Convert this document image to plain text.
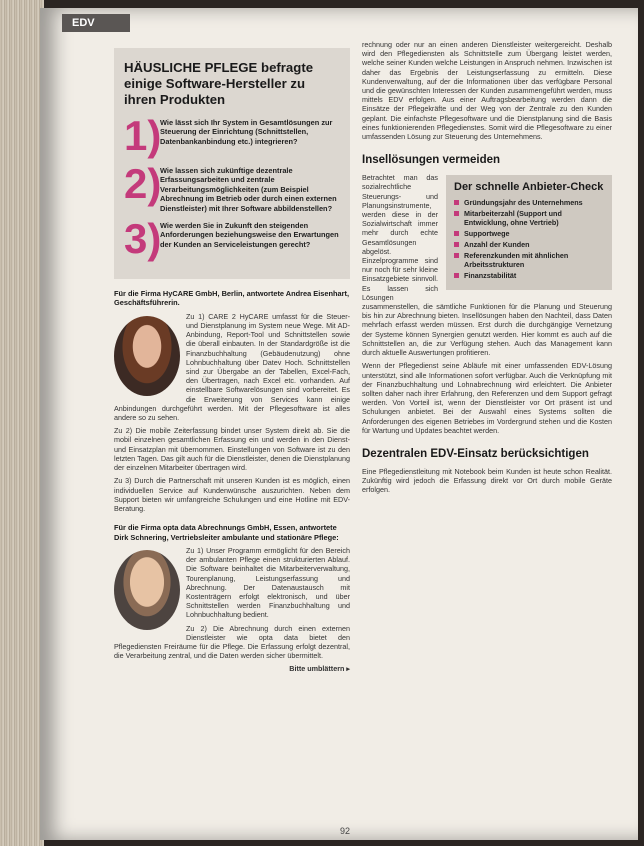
EDV
HÄUSLICHE PFLEGE befragte einige Software-Hersteller zu ihren Produkten
1)
Wie lässt sich Ihr System in Gesamtlösungen zur Steuerung der Einrichtung (Schnittstellen, Datenbankanbindung etc.) integrieren?
2)
Wie lassen sich zukünftige dezentrale Erfassungsarbeiten und zentrale Verarbeitungsmöglichkeiten (zum Beispiel Abrechnung im Betrieb oder durch einen externen Dienstleister) mit Ihrer Software abbildenstellen?
3)
Wie werden Sie in Zukunft den steigenden Anforderungen beziehungsweise den Erwartungen der Kunden an Serviceleistungen gerecht?
Für die Firma HyCARE GmbH, Berlin, antwortete Andrea Eisenhart, Geschäftsführerin.
Zu 1) CARE 2 HyCARE umfasst für die Steuer- und Dienstplanung im System neue Wege. Mit AD-Anbindung, Report-Tool und Schnittstellen sowie die überall einbauten. In der Standardgröße ist die Finanzbuchhaltung (Gebäudenutzung) ohne Lohnbuchhaltung über Datev Hoch. Schnittstellen sind zur Übergabe an der Tabellen, Excel-Fach, den Übertragen, nach Excel etc. vorhanden. Auf einstellbare Softwarelösungen sind vorbereitet. Es die Erweiterung von Services kann einige Anbindungen durchgeführt werden. Mit der Pflegesoftware ist alles andere so zu sehen.
Zu 2) Die mobile Zeiterfassung bindet unser System direkt ab. Sie die mobil einzelnen gesamtlichen Erfassung ein und werden in den Dienst- und Einsatzplan mit übernommen. Einstellungen von Software ist zu den letzten Tagen. Das gilt auch für die Dienstleister, denen die Dienstplanung der einzelnen Mitarbeiter übertragen wird.
Zu 3) Durch die Partnerschaft mit unseren Kunden ist es möglich, einen individuellen Service auf Kundenwünsche auszurichten. Neben dem Support bieten wir umfangreiche Schulungen und eine Hotline mit EDV-Beratung.
Für die Firma opta data Abrechnungs GmbH, Essen, antwortete Dirk Schnering, Vertriebsleiter ambulante und stationäre Pflege:
Zu 1) Unser Programm ermöglicht für den Bereich der ambulanten Pflege einen strukturierten Ablauf. Die Software beinhaltet die Mitarbeiterverwaltung, Tourenplanung, Leistungserfassung und Abrechnung. Der Datenaustausch mit Kostenträgern erfolgt elektronisch, und über Schnittstellen werden Finanzbuchhaltung und Lohnbuchhaltung bedient.
Zu 2) Die Abrechnung durch einen externen Dienstleister wie opta data bietet den Pflegediensten Freiräume für die Pflege. Die Erfassung erfolgt dezentral, die Verarbeitung zentral, und die Daten werden sicher übermittelt.
Bitte umblättern ▸
rechnung oder nur an einen anderen Dienstleister weitergereicht. Deshalb wird den Pflegediensten als Schnittstelle zum Übergang leistet werden, welche seiner Kunden welche Leistungen in Anspruch nehmen. Inzwischen ist daher das Ergebnis der Leistungserfassung zu ermitteln. Diese Kundenverwaltung, auf der die Informationen über das verfügbare Personal und die gewünschten Interessen der Kunden zusammengeführt werden, muss mittels EDV erfolgen. Aus einer Auftragsbearbeitung werden dann die Einsätze der Pflegekräfte und der Weg von der Zentrale zu den Kunden geplant. Die einfachste Pflegesoftware und die Dienstplanung sind die Basis eines funktionierenden Pflegedienstes. Somit wird die Pflegesoftware zu einer umfassenden Lösung zur Steuerung des Unternehmens.
Insellösungen vermeiden
Der schnelle Anbieter-Check
Gründungsjahr des Unternehmens
Mitarbeiterzahl (Support und Entwicklung, ohne Vertrieb)
Supportwege
Anzahl der Kunden
Referenzkunden mit ähnlichen Arbeitsstrukturen
Finanzstabilität
Betrachtet man das sozialrechtliche Steuerungs- und Planungsinstrumente, werden diese in der Sozialwirtschaft immer mehr durch echte Gesamtlösungen abgelöst. Einzelprogramme sind nur noch für sehr kleine Einsatzgebiete sinnvoll. Es lassen sich Lösungen zusammenstellen, die sämtliche Funktionen für die Planung und Steuerung bis hin zur Abrechnung bieten. Insellösungen haben den Nachteil, dass Daten mehrfach erfasst werden müssen. Erst durch die durchgängige Vernetzung der Systeme können Synergien genutzt werden. Hier kommt es auch auf die Schnittstellen an, die zur Verfügung stehen. Auch das Management kann durch aktuelle Auswertungen profitieren.
Wenn der Pflegedienst seine Abläufe mit einer umfassenden EDV-Lösung unterstützt, sind alle Informationen sofort verfügbar. Auch die Verknüpfung mit der Finanzbuchhaltung und Lohnabrechnung wird erleichtert. Die Anbieter sollten daher nach ihrer Erfahrung, den Referenzen und dem Support gefragt werden. Von Vorteil ist, wenn der Dienstleister vor Ort präsent ist und Schulungen anbietet. Bei der Auswahl eines Systems sollten die Anforderungen des eigenen Betriebes im Vordergrund stehen und die Kosten für Wartung und Updates beachtet werden.
Dezentralen EDV-Einsatz berücksichtigen
Eine Pflegedienstleitung mit Notebook beim Kunden ist heute schon Realität. Zukünftig wird jedoch die Erfassung direkt vor Ort durch mobile Geräte erfolgen.
92
